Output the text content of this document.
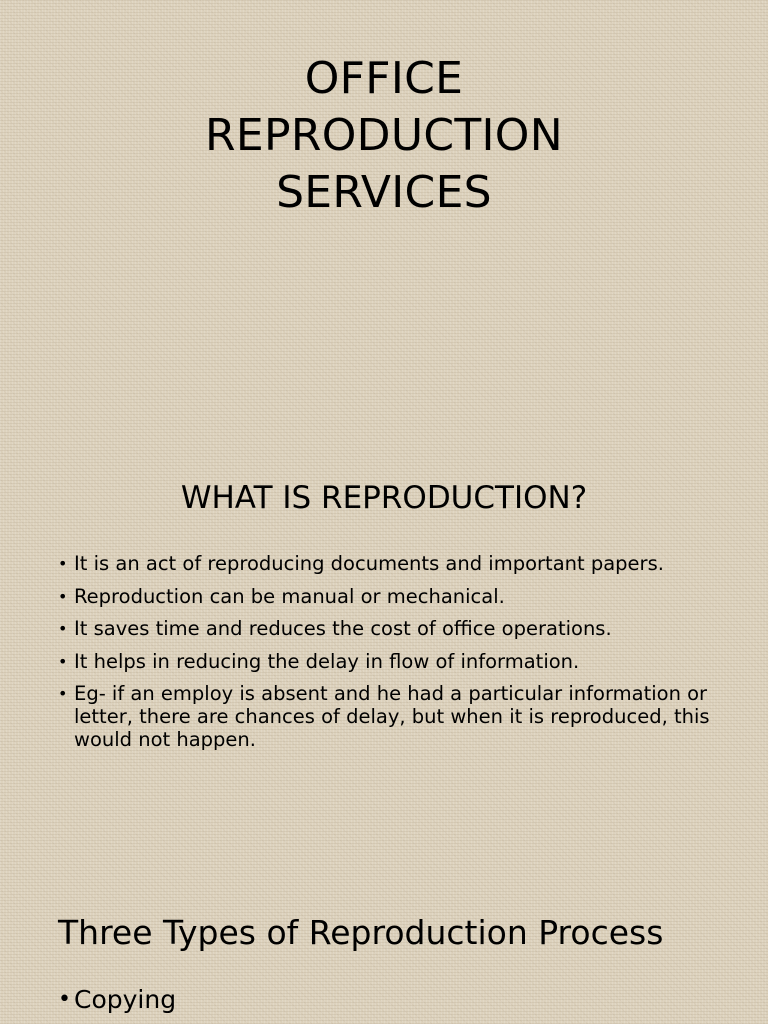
OFFICE
REPRODUCTION
SERVICES
WHAT IS REPRODUCTION?
• It is an act of reproducing documents and important papers.
• Reproduction can be manual or mechanical.
• It saves time and reduces the cost of office operations.
• It helps in reducing the delay in flow of information.
• Eg- if an employ is absent and he had a particular information or letter, there are chances of delay, but when it is reproduced, this would not happen.
Three Types of Reproduction Process
• Copying
